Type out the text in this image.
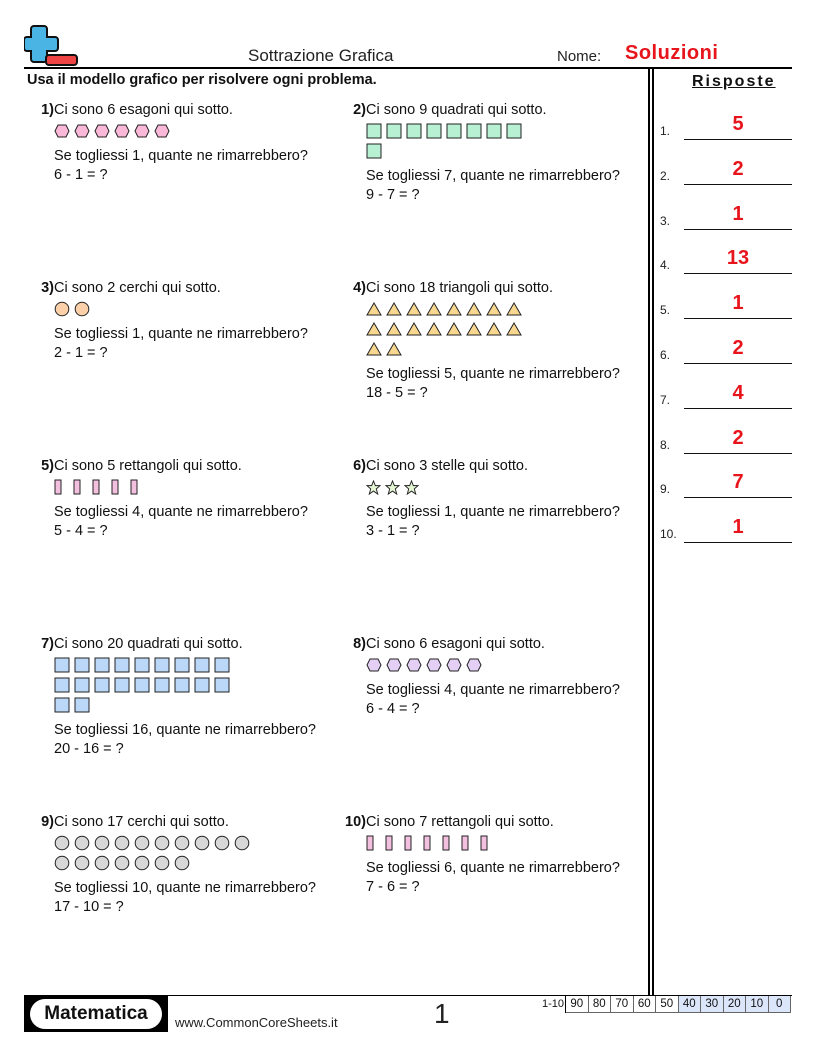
Sottrazione Grafica	Nome: Soluzioni
Usa il modello grafico per risolvere ogni problema.	Risposte
1.	5
2.	2
3.	1
4.	13
5.	1
6.	2
7.	4
8.	2
9.	7
10.	1
1) Ci sono 6 esagoni qui sotto.
Se togliessi 1, quante ne rimarrebbero?
6 - 1 = ?
2) Ci sono 9 quadrati qui sotto.
Se togliessi 7, quante ne rimarrebbero?
9 - 7 = ?
3) Ci sono 2 cerchi qui sotto.
Se togliessi 1, quante ne rimarrebbero?
2 - 1 = ?
4) Ci sono 18 triangoli qui sotto.
Se togliessi 5, quante ne rimarrebbero?
18 - 5 = ?
5) Ci sono 5 rettangoli qui sotto.
Se togliessi 4, quante ne rimarrebbero?
5 - 4 = ?
6) Ci sono 3 stelle qui sotto.
Se togliessi 1, quante ne rimarrebbero?
3 - 1 = ?
7) Ci sono 20 quadrati qui sotto.
Se togliessi 16, quante ne rimarrebbero?
20 - 16 = ?
8) Ci sono 6 esagoni qui sotto.
Se togliessi 4, quante ne rimarrebbero?
6 - 4 = ?
9) Ci sono 17 cerchi qui sotto.
Se togliessi 10, quante ne rimarrebbero?
17 - 10 = ?
10) Ci sono 7 rettangoli qui sotto.
Se togliessi 6, quante ne rimarrebbero?
7 - 6 = ?
Matematica	www.CommonCoreSheets.it	1	1-10 90 80 70 60 50 40 30 20 10	0
